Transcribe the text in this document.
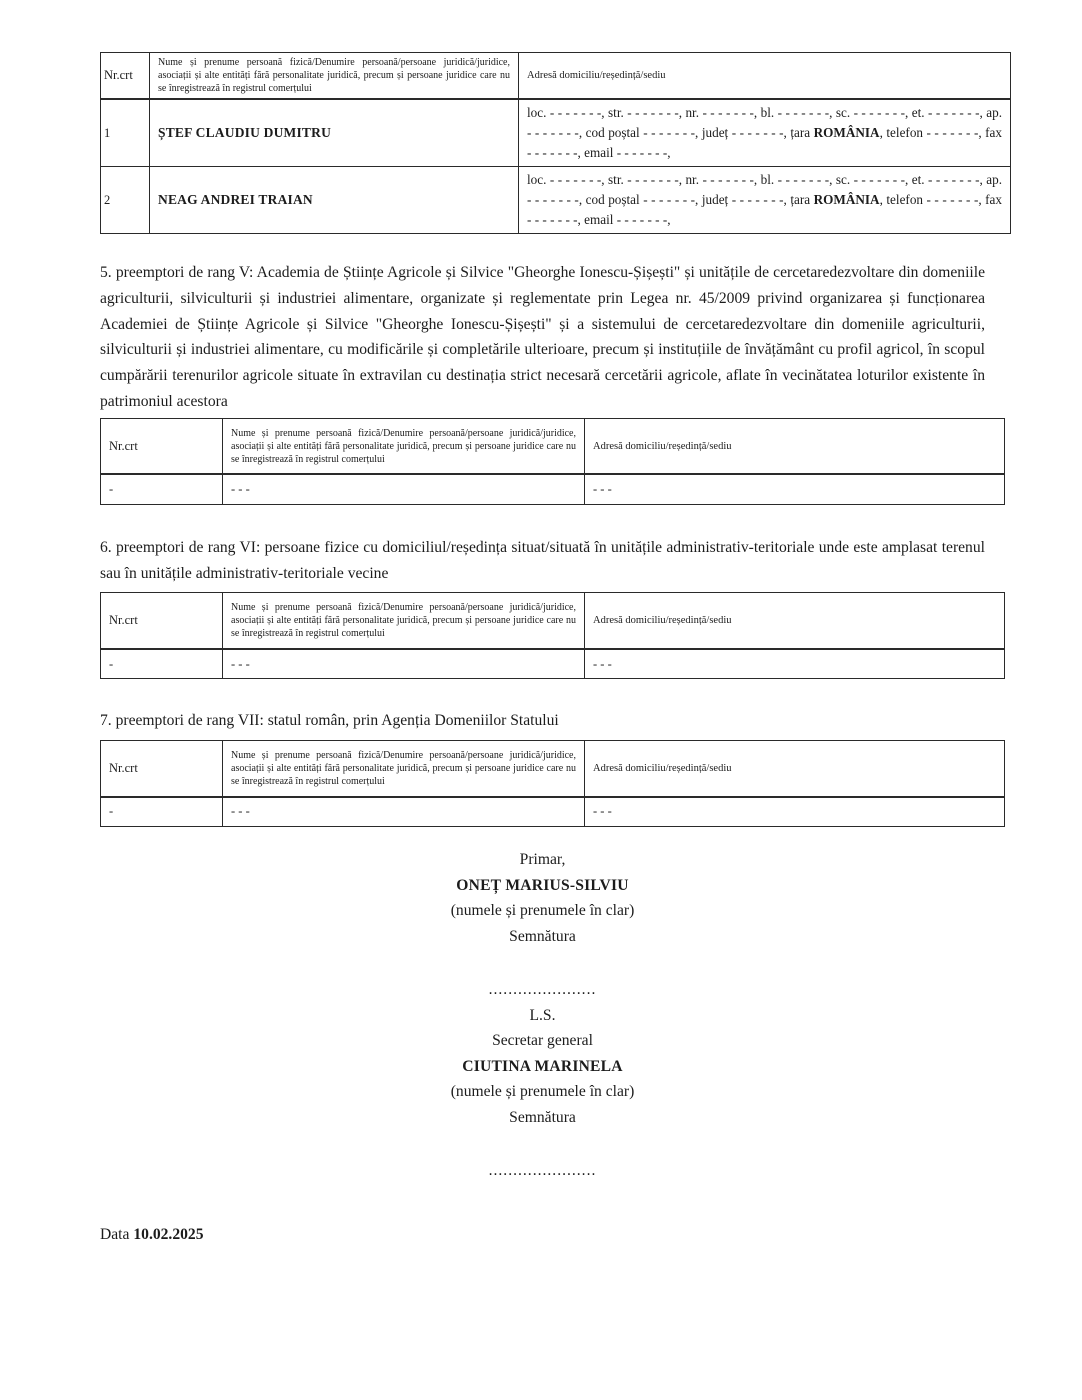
Nr.crt	Nume și prenume persoană fizică/Denumire persoană/persoane juridică/juridice, asociații și alte entități fără personalitate juridică, precum și persoane juridice care nu se înregistrează în registrul comerțului	Adresă domiciliu/reședință/sediu
1	ȘTEF CLAUDIU DUMITRU	loc. - - - - - - -, str. - - - - - - -, nr. - - - - - - -, bl. - - - - - - -, sc. - - - - - - -, et. - - - - - - -, ap. - - - - - - -, cod poștal - - - - - - -, județ - - - - - - -, țara ROMÂNIA, telefon - - - - - - -, fax - - - - - - -, email - - - - - - -,

2	NEAG ANDREI TRAIAN	loc. - - - - - - -, str. - - - - - - -, nr. - - - - - - -, bl. - - - - - - -, sc. - - - - - - -, et. - - - - - - -, ap. - - - - - - -, cod poștal - - - - - - -, județ - - - - - - -, țara ROMÂNIA, telefon - - - - - - -, fax - - - - - - -, email - - - - - - -,

5. preemptori de rang V: Academia de Științe Agricole și Silvice "Gheorghe Ionescu-Șișești" și unitățile de cercetaredezvoltare din domeniile agriculturii, silviculturii și industriei alimentare, organizate și reglementate prin Legea nr. 45/2009 privind organizarea și funcționarea Academiei de Științe Agricole și Silvice "Gheorghe Ionescu-Șișești" și a sistemului de cercetaredezvoltare din domeniile agriculturii, silviculturii și industriei alimentare, cu modificările și completările ulterioare, precum și instituțiile de învățământ cu profil agricol, în scopul cumpărării terenurilor agricole situate în extravilan cu destinația strict necesară cercetării agricole, aflate în vecinătatea loturilor existente în patrimoniul acestora

Nr.crt	Nume și prenume persoană fizică/Denumire persoană/persoane juridică/juridice, asociații și alte entități fără personalitate juridică, precum și persoane juridice care nu se înregistrează în registrul comerțului	Adresă domiciliu/reședință/sediu
-	- - -	- - -

6. preemptori de rang VI: persoane fizice cu domiciliul/reședința situat/situată în unitățile administrativ-teritoriale unde este amplasat terenul sau în unitățile administrativ-teritoriale vecine

Nr.crt	Nume și prenume persoană fizică/Denumire persoană/persoane juridică/juridice, asociații și alte entități fără personalitate juridică, precum și persoane juridice care nu se înregistrează în registrul comerțului	Adresă domiciliu/reședință/sediu
-	- - -	- - -

7. preemptori de rang VII: statul român, prin Agenția Domeniilor Statului

Nr.crt	Nume și prenume persoană fizică/Denumire persoană/persoane juridică/juridice, asociații și alte entități fără personalitate juridică, precum și persoane juridice care nu se înregistrează în registrul comerțului	Adresă domiciliu/reședință/sediu
-	- - -	- - -
Primar,
ONEȚ MARIUS-SILVIU
(numele și prenumele în clar)
Semnătura
......................
L.S.
Secretar general
CIUTINA MARINELA
(numele și prenumele în clar)
Semnătura
......................
Data 10.02.2025
